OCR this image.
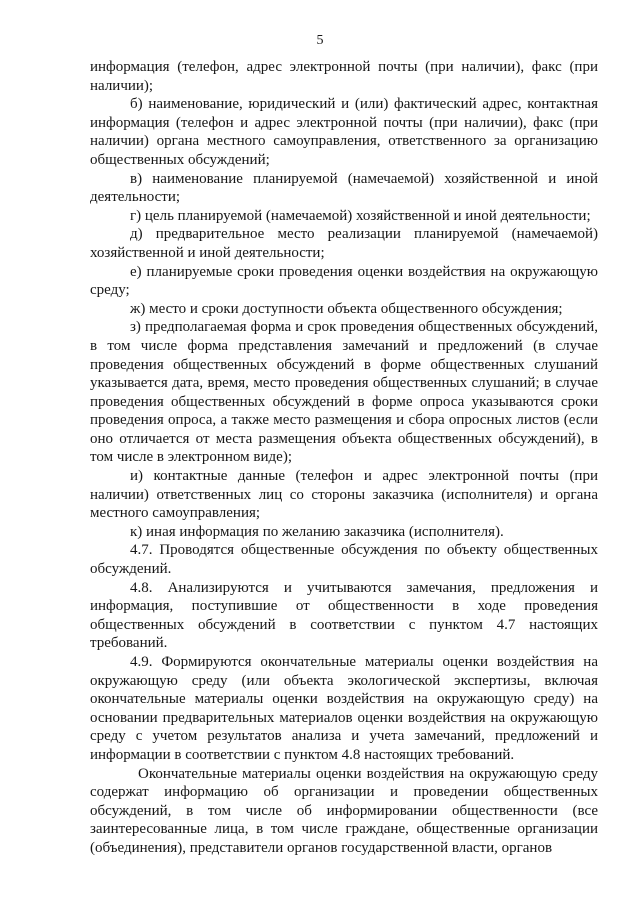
5

информация (телефон, адрес электронной почты (при наличии), факс (при наличии);

б) наименование, юридический и (или) фактический адрес, контактная информация (телефон и адрес электронной почты (при наличии), факс (при наличии) органа местного самоуправления, ответственного за организацию общественных обсуждений;

в) наименование планируемой (намечаемой) хозяйственной и иной деятельности;

г) цель планируемой (намечаемой) хозяйственной и иной деятельности;

д) предварительное место реализации планируемой (намечаемой) хозяйственной и иной деятельности;

е) планируемые сроки проведения оценки воздействия на окружающую среду;

ж) место и сроки доступности объекта общественного обсуждения;

з) предполагаемая форма и срок проведения общественных обсуждений, в том числе форма представления замечаний и предложений (в случае проведения общественных обсуждений в форме общественных слушаний указывается дата, время, место проведения общественных слушаний; в случае проведения общественных обсуждений в форме опроса указываются сроки проведения опроса, а также место размещения и сбора опросных листов (если оно отличается от места размещения объекта общественных обсуждений), в том числе в электронном виде);

и) контактные данные (телефон и адрес электронной почты (при наличии) ответственных лиц со стороны заказчика (исполнителя) и органа местного самоуправления;

к) иная информация по желанию заказчика (исполнителя).

4.7. Проводятся общественные обсуждения по объекту общественных обсуждений.

4.8. Анализируются и учитываются замечания, предложения и информация, поступившие от общественности в ходе проведения общественных обсуждений в соответствии с пунктом 4.7 настоящих требований.

4.9. Формируются окончательные материалы оценки воздействия на окружающую среду (или объекта экологической экспертизы, включая окончательные материалы оценки воздействия на окружающую среду) на основании предварительных материалов оценки воздействия на окружающую среду с учетом результатов анализа и учета замечаний, предложений и информации в соответствии с пунктом 4.8 настоящих требований.

Окончательные материалы оценки воздействия на окружающую среду содержат информацию об организации и проведении общественных обсуждений, в том числе об информировании общественности (все заинтересованные лица, в том числе граждане, общественные организации (объединения), представители органов государственной власти, органов
